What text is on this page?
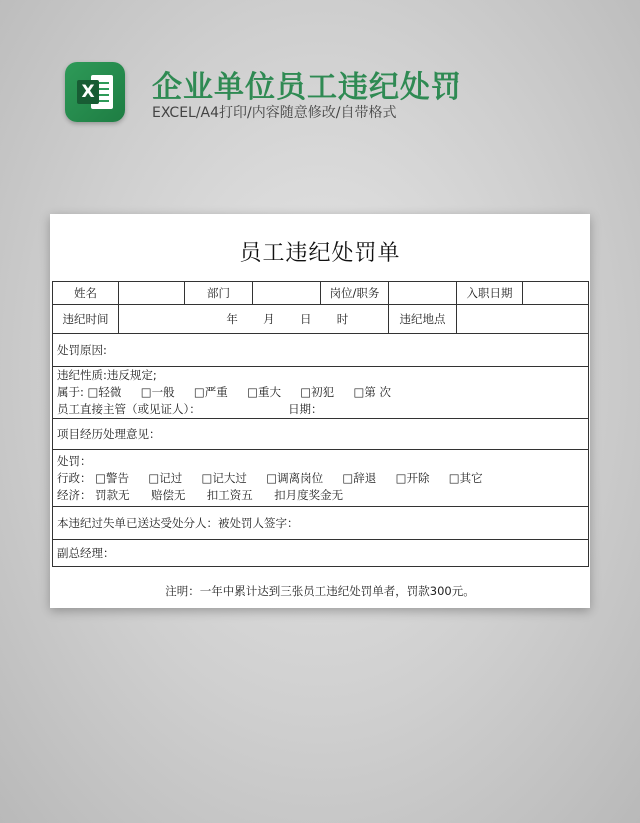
X 企业单位员工违纪处罚
EXCEL/A4打印/内容随意修改/自带格式
员工违纪处罚单
姓名		部门		岗位/职务		入职日期	
违纪时间	年 月 日 时				违纪地点		
处罚原因:							

违纪性质:违反规定;
属于: □轻微 □一般 □严重 □重大 □初犯 □第 次
员工直接主管（或见证人）： 日期：							

项目经历处理意见：							

处罚：
行政： □警告 □记过 □记大过 □调离岗位 □辞退 □开除 □其它
经济： 罚款无 赔偿无 扣工资五 扣月度奖金无							

本违纪过失单已送达受处分人：被处罚人签字：							
副总经理：							
注明：一年中累计达到三张员工违纪处罚单者，罚款300元。
